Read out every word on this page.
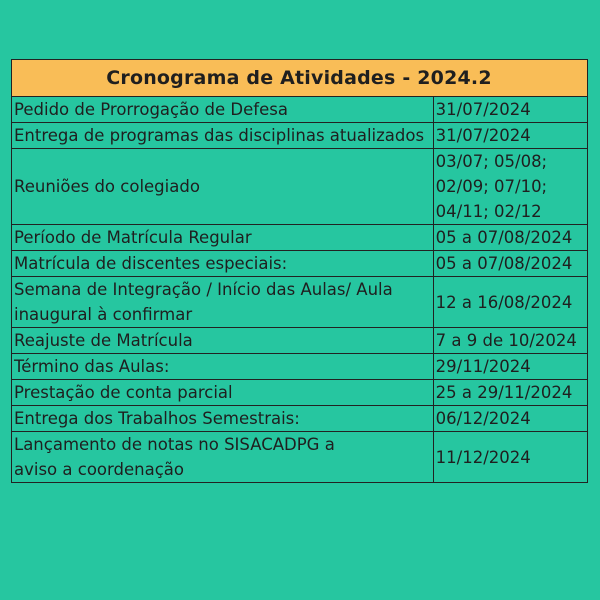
Cronograma de Atividades - 2024.2	
Pedido de Prorrogação de Defesa	31/07/2024
Entrega de programas das disciplinas atualizados	31/07/2024
Reuniões do colegiado	03/07; 05/08; 02/09; 07/10; 04/11; 02/12
Período de Matrícula Regular	05 a 07/08/2024
Matrícula de discentes especiais:	05 a 07/08/2024
Semana de Integração / Início das Aulas/ Aula inaugural à confirmar	12 a 16/08/2024
Reajuste de Matrícula	7 a 9 de 10/2024
Término das Aulas:	29/11/2024
Prestação de conta parcial	25 a 29/11/2024
Entrega dos Trabalhos Semestrais:	06/12/2024
Lançamento de notas no SISACADPG a aviso a coordenação	11/12/2024
